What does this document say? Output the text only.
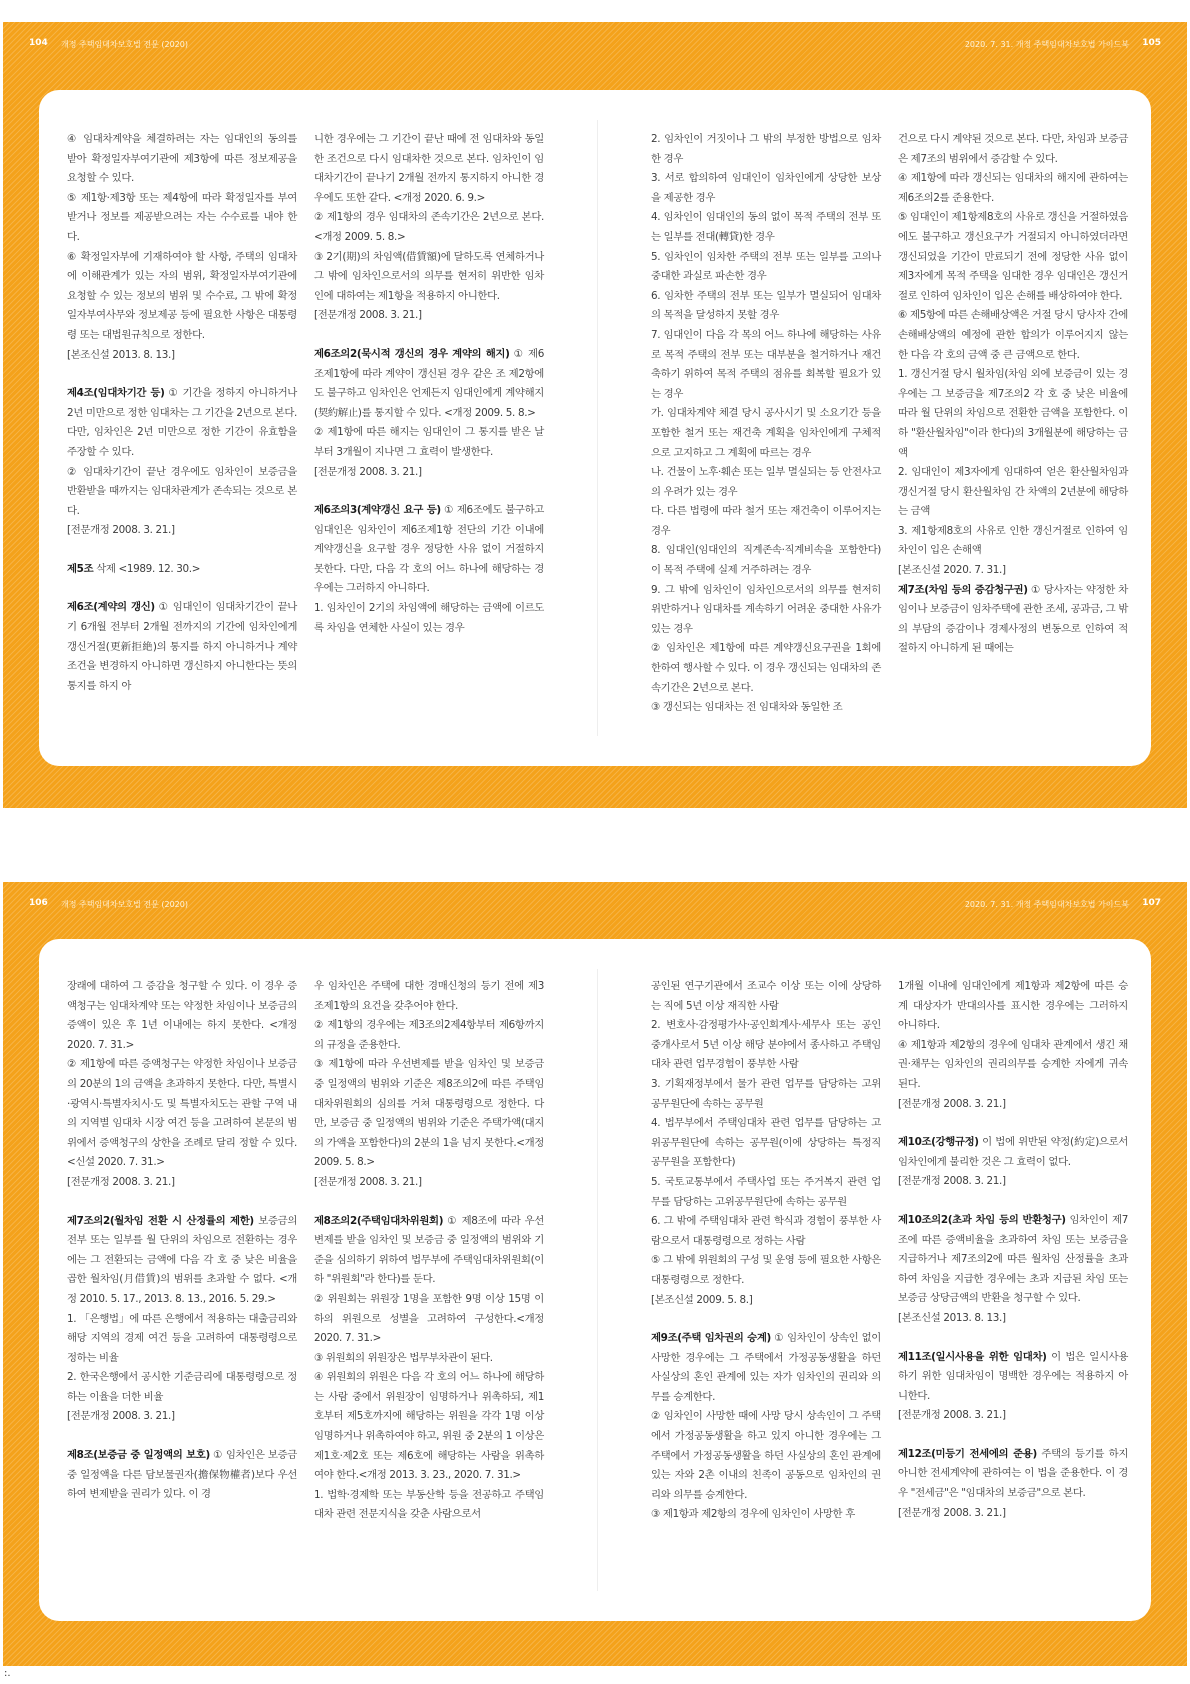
104 개정 주택임대차보호법 전문 (2020)	2020. 7. 31. 개정 주택임대차보호법 가이드북 105

④ 임대차계약을 체결하려는 자는 임대인의 동의를 받아 확정일자부여기관에 제3항에 따른 정보제공을 요청할 수 있다.

⑤ 제1항·제3항 또는 제4항에 따라 확정일자를 부여받거나 정보를 제공받으려는 자는 수수료를 내야 한다.

⑥ 확정일자부에 기재하여야 할 사항, 주택의 임대차에 이해관계가 있는 자의 범위, 확정일자부여기관에 요청할 수 있는 정보의 범위 및 수수료, 그 밖에 확정일자부여사무와 정보제공 등에 필요한 사항은 대통령령 또는 대법원규칙으로 정한다.

[본조신설 2013. 8. 13.]

제4조(임대차기간 등) ① 기간을 정하지 아니하거나 2년 미만으로 정한 임대차는 그 기간을 2년으로 본다. 다만, 임차인은 2년 미만으로 정한 기간이 유효함을 주장할 수 있다.

② 임대차기간이 끝난 경우에도 임차인이 보증금을 반환받을 때까지는 임대차관계가 존속되는 것으로 본다.

[전문개정 2008. 3. 21.]

제5조 삭제 <1989. 12. 30.>

제6조(계약의 갱신) ① 임대인이 임대차기간이 끝나기 6개월 전부터 2개월 전까지의 기간에 임차인에게 갱신거절(更新拒絶)의 통지를 하지 아니하거나 계약조건을 변경하지 아니하면 갱신하지 아니한다는 뜻의 통지를 하지 아

니한 경우에는 그 기간이 끝난 때에 전 임대차와 동일한 조건으로 다시 임대차한 것으로 본다. 임차인이 임대차기간이 끝나기 2개월 전까지 통지하지 아니한 경우에도 또한 같다. <개정 2020. 6. 9.>

② 제1항의 경우 임대차의 존속기간은 2년으로 본다.<개정 2009. 5. 8.>

③ 2기(期)의 차임액(借賃額)에 달하도록 연체하거나 그 밖에 임차인으로서의 의무를 현저히 위반한 임차인에 대하여는 제1항을 적용하지 아니한다.

[전문개정 2008. 3. 21.]

제6조의2(묵시적 갱신의 경우 계약의 해지) ① 제6조제1항에 따라 계약이 갱신된 경우 같은 조 제2항에도 불구하고 임차인은 언제든지 임대인에게 계약해지(契約解止)를 통지할 수 있다. <개정 2009. 5. 8.>

② 제1항에 따른 해지는 임대인이 그 통지를 받은 날부터 3개월이 지나면 그 효력이 발생한다.

[전문개정 2008. 3. 21.]

제6조의3(계약갱신 요구 등) ① 제6조에도 불구하고 임대인은 임차인이 제6조제1항 전단의 기간 이내에 계약갱신을 요구할 경우 정당한 사유 없이 거절하지 못한다. 다만, 다음 각 호의 어느 하나에 해당하는 경우에는 그러하지 아니하다.

1. 임차인이 2기의 차임액에 해당하는 금액에 이르도록 차임을 연체한 사실이 있는 경우

2. 임차인이 거짓이나 그 밖의 부정한 방법으로 임차한 경우

3. 서로 합의하여 임대인이 임차인에게 상당한 보상을 제공한 경우

4. 임차인이 임대인의 동의 없이 목적 주택의 전부 또는 일부를 전대(轉貸)한 경우

5. 임차인이 임차한 주택의 전부 또는 일부를 고의나 중대한 과실로 파손한 경우

6. 임차한 주택의 전부 또는 일부가 멸실되어 임대차의 목적을 달성하지 못할 경우

7. 임대인이 다음 각 목의 어느 하나에 해당하는 사유로 목적 주택의 전부 또는 대부분을 철거하거나 재건축하기 위하여 목적 주택의 점유를 회복할 필요가 있는 경우

가. 임대차계약 체결 당시 공사시기 및 소요기간 등을 포함한 철거 또는 재건축 계획을 임차인에게 구체적으로 고지하고 그 계획에 따르는 경우

나. 건물이 노후·훼손 또는 일부 멸실되는 등 안전사고의 우려가 있는 경우

다. 다른 법령에 따라 철거 또는 재건축이 이루어지는 경우

8. 임대인(임대인의 직계존속·직계비속을 포함한다)이 목적 주택에 실제 거주하려는 경우

9. 그 밖에 임차인이 임차인으로서의 의무를 현저히 위반하거나 임대차를 계속하기 어려운 중대한 사유가 있는 경우

② 임차인은 제1항에 따른 계약갱신요구권을 1회에 한하여 행사할 수 있다. 이 경우 갱신되는 임대차의 존속기간은 2년으로 본다.

③ 갱신되는 임대차는 전 임대차와 동일한 조

건으로 다시 계약된 것으로 본다. 다만, 차임과 보증금은 제7조의 범위에서 증감할 수 있다.

④ 제1항에 따라 갱신되는 임대차의 해지에 관하여는 제6조의2를 준용한다.

⑤ 임대인이 제1항제8호의 사유로 갱신을 거절하였음에도 불구하고 갱신요구가 거절되지 아니하였더라면 갱신되었을 기간이 만료되기 전에 정당한 사유 없이 제3자에게 목적 주택을 임대한 경우 임대인은 갱신거절로 인하여 임차인이 입은 손해를 배상하여야 한다.

⑥ 제5항에 따른 손해배상액은 거절 당시 당사자 간에 손해배상액의 예정에 관한 합의가 이루어지지 않는 한 다음 각 호의 금액 중 큰 금액으로 한다.

1. 갱신거절 당시 월차임(차임 외에 보증금이 있는 경우에는 그 보증금을 제7조의2 각 호 중 낮은 비율에 따라 월 단위의 차임으로 전환한 금액을 포함한다. 이하 "환산월차임"이라 한다)의 3개월분에 해당하는 금액

2. 임대인이 제3자에게 임대하여 얻은 환산월차임과 갱신거절 당시 환산월차임 간 차액의 2년분에 해당하는 금액

3. 제1항제8호의 사유로 인한 갱신거절로 인하여 임차인이 입은 손해액

[본조신설 2020. 7. 31.]

제7조(차임 등의 증감청구권) ① 당사자는 약정한 차임이나 보증금이 임차주택에 관한 조세, 공과금, 그 밖의 부담의 증감이나 경제사정의 변동으로 인하여 적절하지 아니하게 된 때에는

106 개정 주택임대차보호법 전문 (2020)	2020. 7. 31. 개정 주택임대차보호법 가이드북 107

장래에 대하여 그 증감을 청구할 수 있다. 이 경우 증액청구는 임대차계약 또는 약정한 차임이나 보증금의 증액이 있은 후 1년 이내에는 하지 못한다. <개정 2020. 7. 31.>

② 제1항에 따른 증액청구는 약정한 차임이나 보증금의 20분의 1의 금액을 초과하지 못한다. 다만, 특별시·광역시·특별자치시·도 및 특별자치도는 관할 구역 내의 지역별 임대차 시장 여건 등을 고려하여 본문의 범위에서 증액청구의 상한을 조례로 달리 정할 수 있다.<신설 2020. 7. 31.>

[전문개정 2008. 3. 21.]

제7조의2(월차임 전환 시 산정률의 제한) 보증금의 전부 또는 일부를 월 단위의 차임으로 전환하는 경우에는 그 전환되는 금액에 다음 각 호 중 낮은 비율을 곱한 월차임(月借賃)의 범위를 초과할 수 없다. <개정 2010. 5. 17., 2013. 8. 13., 2016. 5. 29.>

1. 「은행법」에 따른 은행에서 적용하는 대출금리와 해당 지역의 경제 여건 등을 고려하여 대통령령으로 정하는 비율

2. 한국은행에서 공시한 기준금리에 대통령령으로 정하는 이율을 더한 비율

[전문개정 2008. 3. 21.]

제8조(보증금 중 일정액의 보호) ① 임차인은 보증금 중 일정액을 다른 담보물권자(擔保物權者)보다 우선하여 변제받을 권리가 있다. 이 경

우 임차인은 주택에 대한 경매신청의 등기 전에 제3조제1항의 요건을 갖추어야 한다.

② 제1항의 경우에는 제3조의2제4항부터 제6항까지의 규정을 준용한다.

③ 제1항에 따라 우선변제를 받을 임차인 및 보증금 중 일정액의 범위와 기준은 제8조의2에 따른 주택임대차위원회의 심의를 거쳐 대통령령으로 정한다. 다만, 보증금 중 일정액의 범위와 기준은 주택가액(대지의 가액을 포함한다)의 2분의 1을 넘지 못한다.<개정 2009. 5. 8.>

[전문개정 2008. 3. 21.]

제8조의2(주택임대차위원회) ① 제8조에 따라 우선변제를 받을 임차인 및 보증금 중 일정액의 범위와 기준을 심의하기 위하여 법무부에 주택임대차위원회(이하 "위원회"라 한다)를 둔다.

② 위원회는 위원장 1명을 포함한 9명 이상 15명 이하의 위원으로 성별을 고려하여 구성한다.<개정 2020. 7. 31.>

③ 위원회의 위원장은 법무부차관이 된다.

④ 위원회의 위원은 다음 각 호의 어느 하나에 해당하는 사람 중에서 위원장이 임명하거나 위촉하되, 제1호부터 제5호까지에 해당하는 위원을 각각 1명 이상 임명하거나 위촉하여야 하고, 위원 중 2분의 1 이상은 제1호·제2호 또는 제6호에 해당하는 사람을 위촉하여야 한다.<개정 2013. 3. 23., 2020. 7. 31.>

1. 법학·경제학 또는 부동산학 등을 전공하고 주택임대차 관련 전문지식을 갖춘 사람으로서

공인된 연구기관에서 조교수 이상 또는 이에 상당하는 직에 5년 이상 재직한 사람

2. 변호사·감정평가사·공인회계사·세무사 또는 공인중개사로서 5년 이상 해당 분야에서 종사하고 주택임대차 관련 업무경험이 풍부한 사람

3. 기획재정부에서 물가 관련 업무를 담당하는 고위공무원단에 속하는 공무원

4. 법무부에서 주택임대차 관련 업무를 담당하는 고위공무원단에 속하는 공무원(이에 상당하는 특정직 공무원을 포함한다)

5. 국토교통부에서 주택사업 또는 주거복지 관련 업무를 담당하는 고위공무원단에 속하는 공무원

6. 그 밖에 주택임대차 관련 학식과 경험이 풍부한 사람으로서 대통령령으로 정하는 사람

⑤ 그 밖에 위원회의 구성 및 운영 등에 필요한 사항은 대통령령으로 정한다.

[본조신설 2009. 5. 8.]

제9조(주택 임차권의 승계) ① 임차인이 상속인 없이 사망한 경우에는 그 주택에서 가정공동생활을 하던 사실상의 혼인 관계에 있는 자가 임차인의 권리와 의무를 승계한다.

② 임차인이 사망한 때에 사망 당시 상속인이 그 주택에서 가정공동생활을 하고 있지 아니한 경우에는 그 주택에서 가정공동생활을 하던 사실상의 혼인 관계에 있는 자와 2촌 이내의 친족이 공동으로 임차인의 권리와 의무를 승계한다.

③ 제1항과 제2항의 경우에 임차인이 사망한 후

1개월 이내에 임대인에게 제1항과 제2항에 따른 승계 대상자가 반대의사를 표시한 경우에는 그러하지 아니하다.

④ 제1항과 제2항의 경우에 임대차 관계에서 생긴 채권·채무는 임차인의 권리의무를 승계한 자에게 귀속된다.

[전문개정 2008. 3. 21.]

제10조(강행규정) 이 법에 위반된 약정(約定)으로서 임차인에게 불리한 것은 그 효력이 없다.

[전문개정 2008. 3. 21.]

제10조의2(초과 차임 등의 반환청구) 임차인이 제7조에 따른 증액비율을 초과하여 차임 또는 보증금을 지급하거나 제7조의2에 따른 월차임 산정률을 초과하여 차임을 지급한 경우에는 초과 지급된 차임 또는 보증금 상당금액의 반환을 청구할 수 있다.

[본조신설 2013. 8. 13.]

제11조(일시사용을 위한 임대차) 이 법은 일시사용하기 위한 임대차임이 명백한 경우에는 적용하지 아니한다.

[전문개정 2008. 3. 21.]

제12조(미등기 전세에의 준용) 주택의 등기를 하지 아니한 전세계약에 관하여는 이 법을 준용한다. 이 경우 "전세금"은 "임대차의 보증금"으로 본다.

[전문개정 2008. 3. 21.]

:.
